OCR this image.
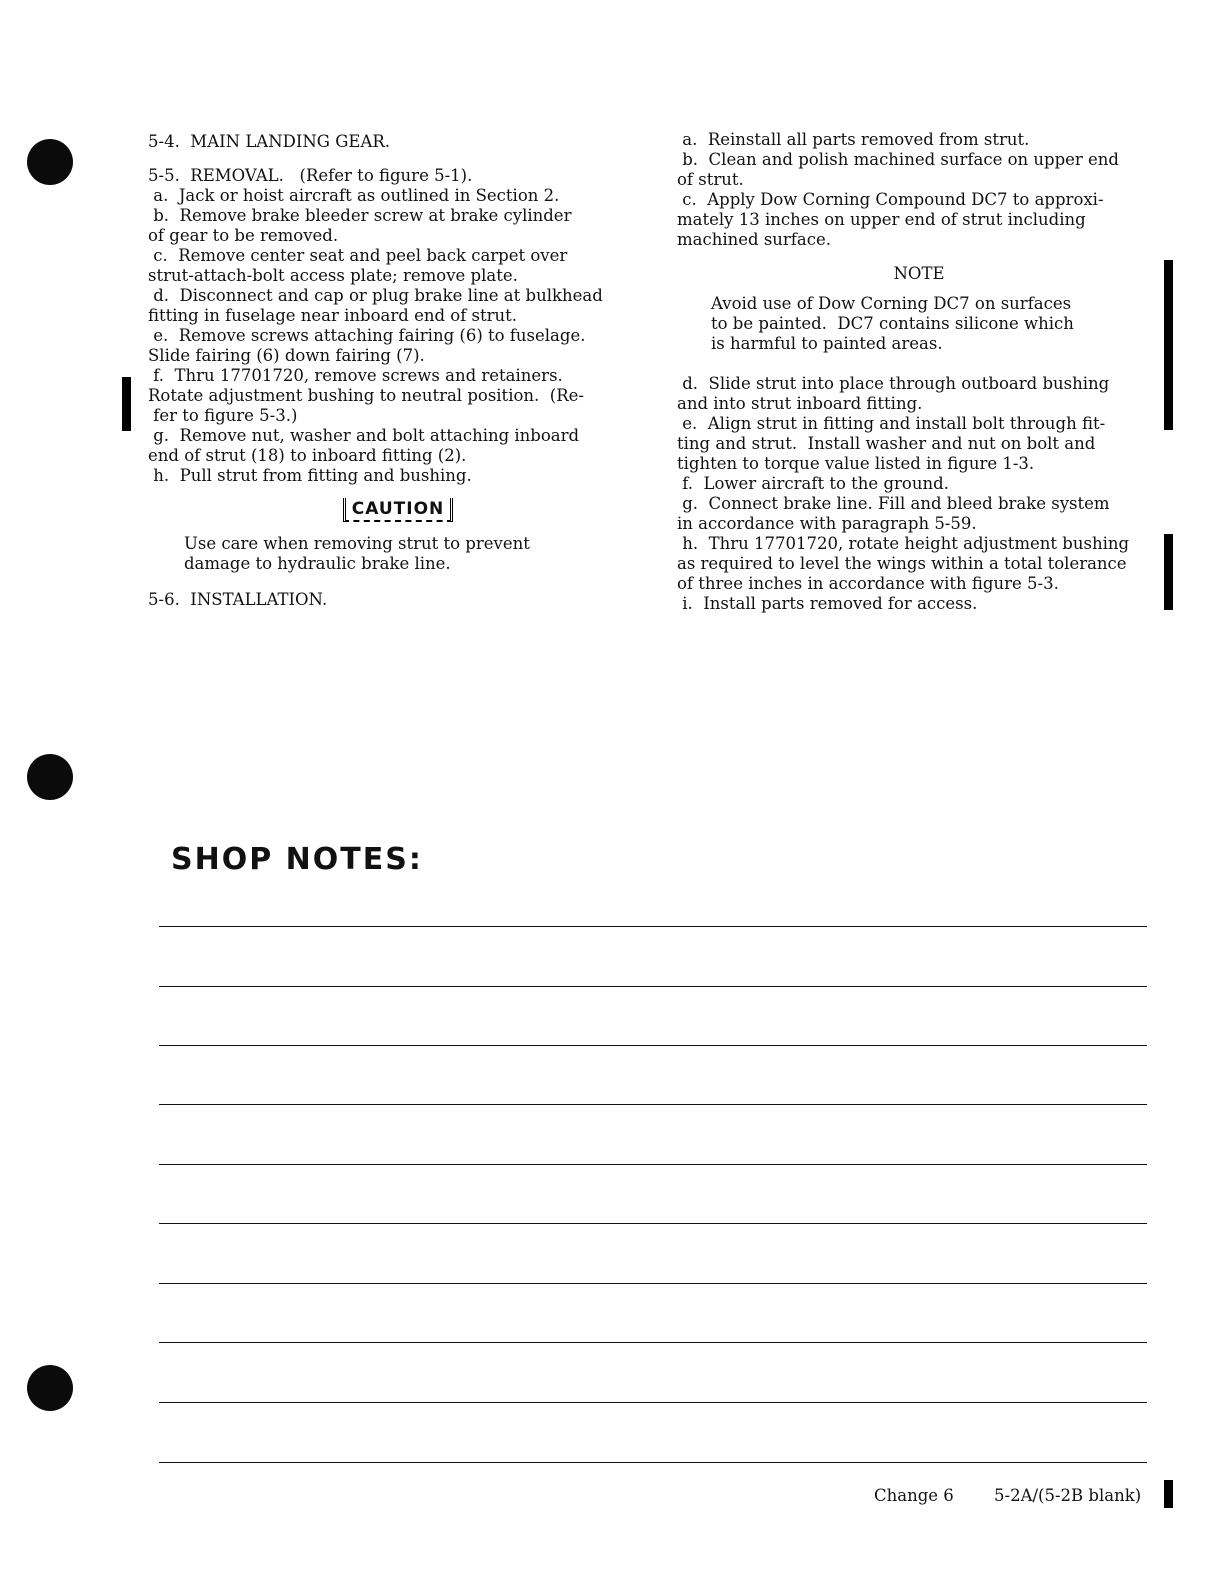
5-4.  MAIN LANDING GEAR.

5-5.  REMOVAL.   (Refer to figure 5-1).

a.  Jack or hoist aircraft as outlined in Section 2.

b.  Remove brake bleeder screw at brake cylinder
of gear to be removed.

c.  Remove center seat and peel back carpet over
strut-attach-bolt access plate; remove plate.

d.  Disconnect and cap or plug brake line at bulkhead
fitting in fuselage near inboard end of strut.

e.  Remove screws attaching fairing (6) to fuselage.
Slide fairing (6) down fairing (7).

f.  Thru 17701720, remove screws and retainers.
Rotate adjustment bushing to neutral position.  (Re-
fer to figure 5-3.)

g.  Remove nut, washer and bolt attaching inboard
end of strut (18) to inboard fitting (2).

h.  Pull strut from fitting and bushing.

CAUTION

Use care when removing strut to prevent
damage to hydraulic brake line.

5-6.  INSTALLATION.

a.  Reinstall all parts removed from strut.

b.  Clean and polish machined surface on upper end
of strut.

c.  Apply Dow Corning Compound DC7 to approxi-
mately 13 inches on upper end of strut including
machined surface.

NOTE

Avoid use of Dow Corning DC7 on surfaces
to be painted.  DC7 contains silicone which
is harmful to painted areas.

d.  Slide strut into place through outboard bushing
and into strut inboard fitting.

e.  Align strut in fitting and install bolt through fit-
ting and strut.  Install washer and nut on bolt and
tighten to torque value listed in figure 1-3.

f.  Lower aircraft to the ground.

g.  Connect brake line. Fill and bleed brake system
in accordance with paragraph 5-59.

h.  Thru 17701720, rotate height adjustment bushing
as required to level the wings within a total tolerance
of three inches in accordance with figure 5-3.

i.  Install parts removed for access.

SHOP NOTES:
Change 6 5-2A/(5-2B blank)
